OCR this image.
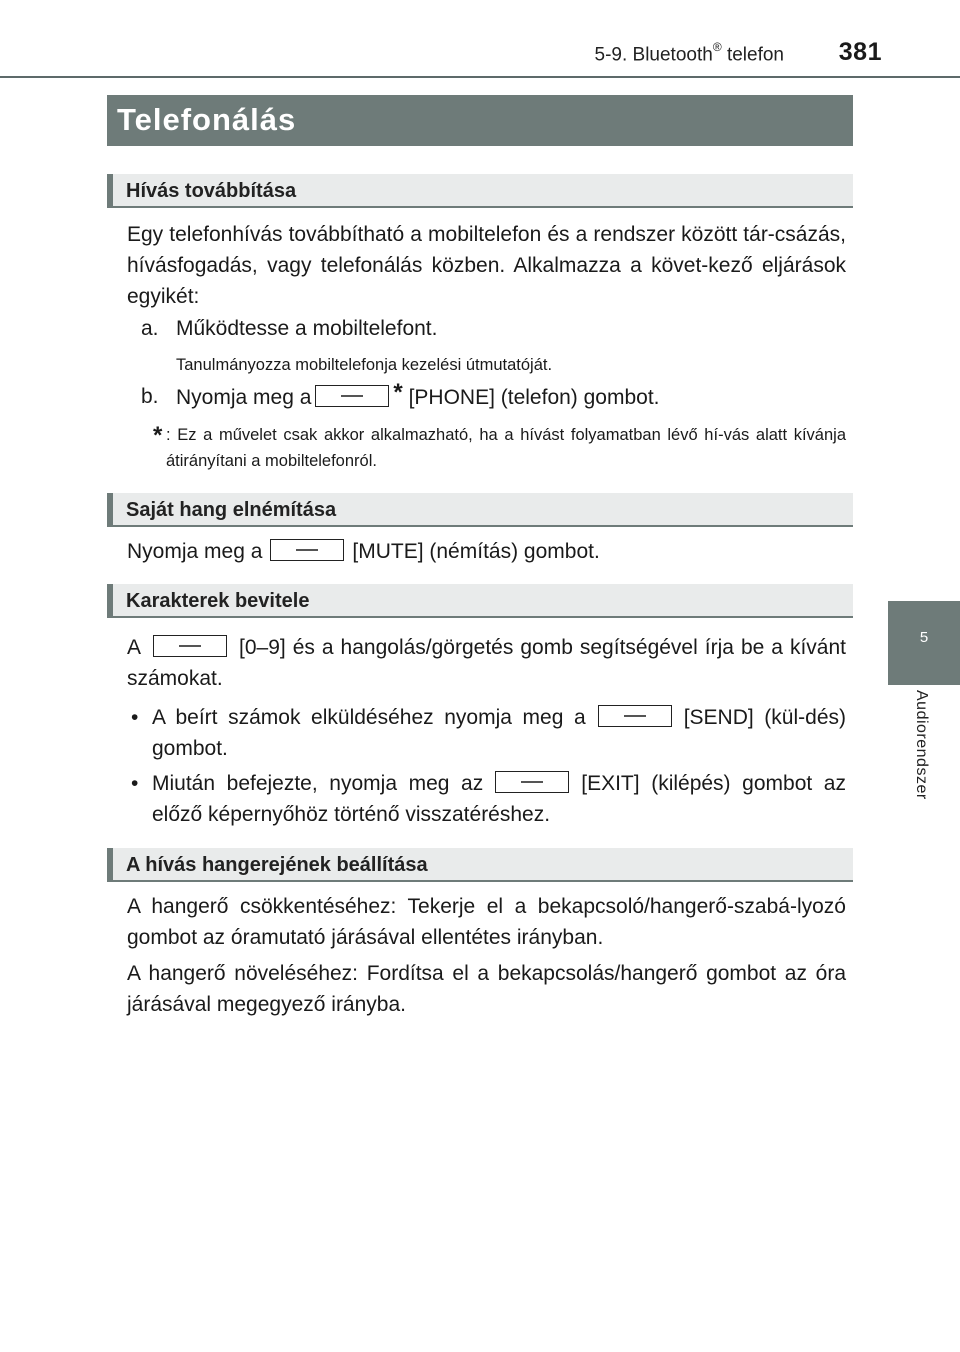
5-9. Bluetooth® telefon 381
5
Audiorendszer
Telefonálás
Hívás továbbítása
Egy telefonhívás továbbítható a mobiltelefon és a rendszer között tár-csázás, hívásfogadás, vagy telefonálás közben. Alkalmazza a követ-kező eljárások egyikét:
a. Működtesse a mobiltelefont.
Tanulmányozza mobiltelefonja kezelési útmutatóját.
b. Nyomja meg a	* [PHONE] (telefon) gombot.
* : Ez a művelet csak akkor alkalmazható, ha a hívást folyamatban lévő hí-vás alatt kívánja átirányítani a mobiltelefonról.
Saját hang elnémítása
Nyomja meg a	[MUTE] (némítás) gombot.
Karakterek bevitele
A	[0–9] és a hangolás/görgetés gomb segítségével írja be a kívánt számokat.
• A beírt számok elküldéséhez nyomja meg a	[SEND] (kül-dés) gombot.
• Miután befejezte, nyomja meg az	[EXIT] (kilépés) gombot az előző képernyőhöz történő visszatéréshez.
A hívás hangerejének beállítása
A hangerő csökkentéséhez: Tekerje el a bekapcsoló/hangerő-szabá-lyozó gombot az óramutató járásával ellentétes irányban.
A hangerő növeléséhez: Fordítsa el a bekapcsolás/hangerő gombot az óra járásával megegyező irányba.
